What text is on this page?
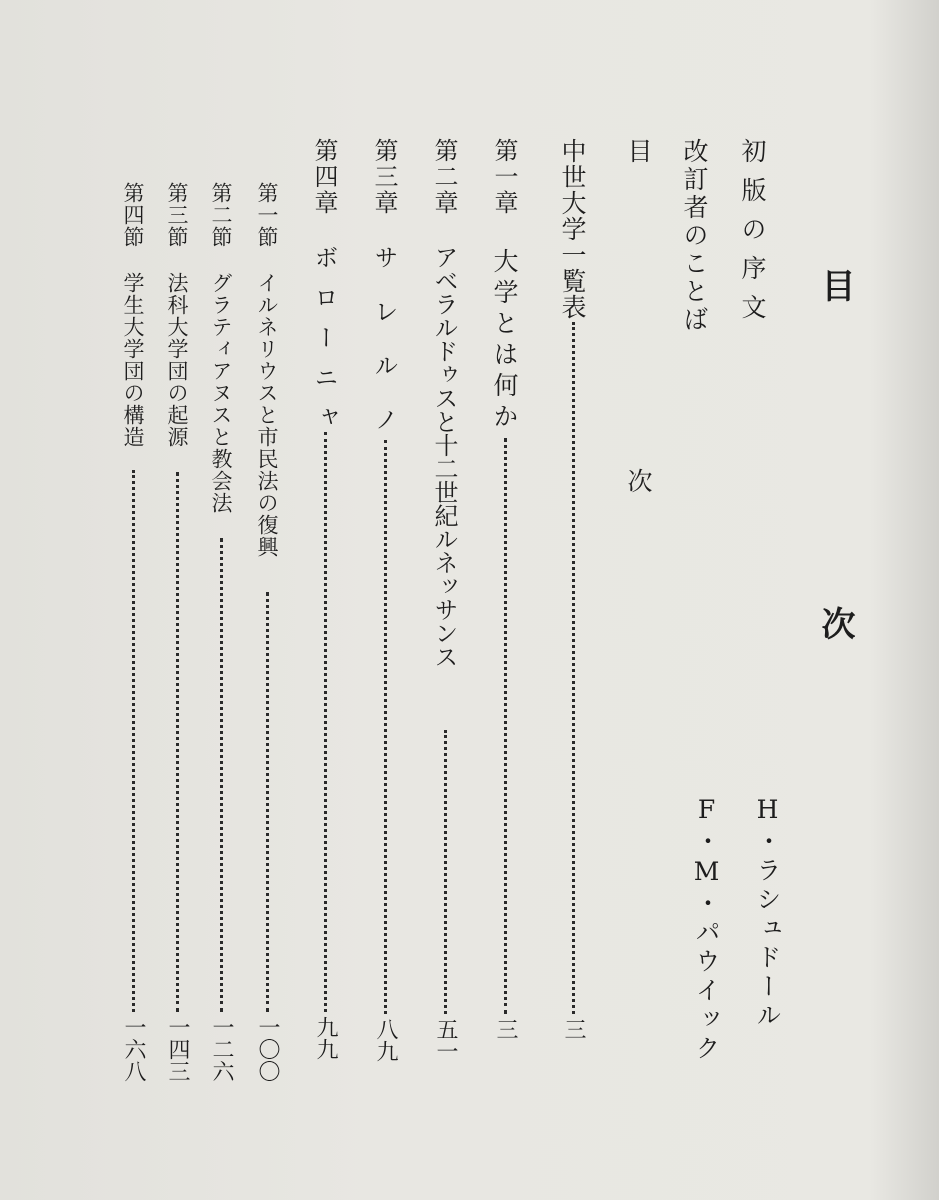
目 次
初版の序文
H・ラシュドール
改訂者のことば
F・M・パウイック
目 次
中世大学一覧表
三
第一章
大学とは何か
三
第二章
アベラルドゥスと十二世紀ルネッサンス
五一
第三章
サレルノ
八九
第四章
ボローニャ
九九
第一節
イルネリウスと市民法の復興
一〇〇
第二節
グラティアヌスと教会法
一二六
第三節
法科大学団の起源
一四三
第四節
学生大学団の構造
一六八
